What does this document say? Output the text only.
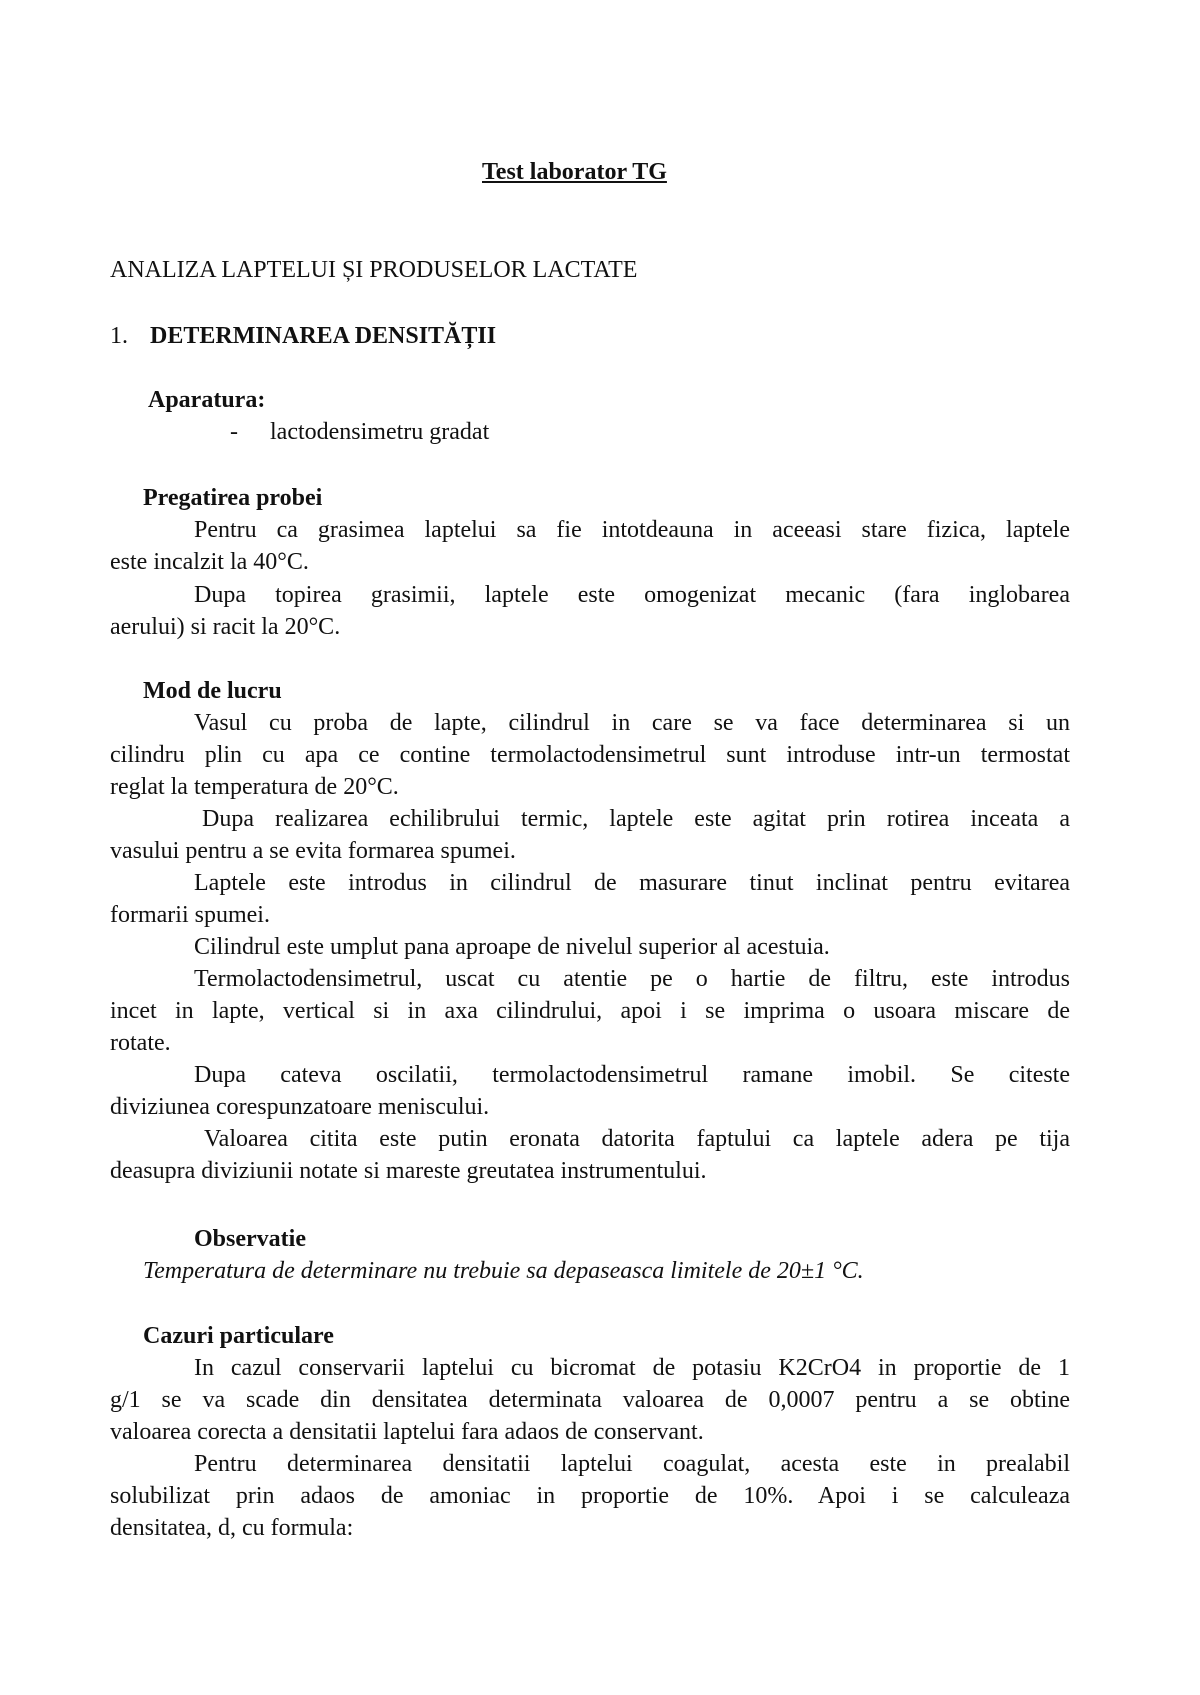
Test laborator TG
ANALIZA LAPTELUI ȘI PRODUSELOR LACTATE
1. DETERMINAREA DENSITĂȚII
Aparatura:
- lactodensimetru gradat
Pregatirea probei
Pentru ca grasimea laptelui sa fie intotdeauna in aceeasi stare fizica, laptele
este incalzit la 40°C.
Dupa topirea grasimii, laptele este omogenizat mecanic (fara inglobarea
aerului) si racit la 20°C.
Mod de lucru
Vasul cu proba de lapte, cilindrul in care se va face determinarea si un
cilindru plin cu apa ce contine termolactodensimetrul sunt introduse intr-un termostat
reglat la temperatura de 20°C.
Dupa realizarea echilibrului termic, laptele este agitat prin rotirea inceata a
vasului pentru a se evita formarea spumei.
Laptele este introdus in cilindrul de masurare tinut inclinat pentru evitarea
formarii spumei.
Cilindrul este umplut pana aproape de nivelul superior al acestuia.
Termolactodensimetrul, uscat cu atentie pe o hartie de filtru, este introdus
incet in lapte, vertical si in axa cilindrului, apoi i se imprima o usoara miscare de
rotate.
Dupa cateva oscilatii, termolactodensimetrul ramane imobil. Se citeste
diviziunea corespunzatoare meniscului.
Valoarea citita este putin eronata datorita faptului ca laptele adera pe tija
deasupra diviziunii notate si mareste greutatea instrumentului.
Observatie
Temperatura de determinare nu trebuie sa depaseasca limitele de 20±1 °C.
Cazuri particulare
In cazul conservarii laptelui cu bicromat de potasiu K2CrO4 in proportie de 1
g/1 se va scade din densitatea determinata valoarea de 0,0007 pentru a se obtine
valoarea corecta a densitatii laptelui fara adaos de conservant.
Pentru determinarea densitatii laptelui coagulat, acesta este in prealabil
solubilizat prin adaos de amoniac in proportie de 10%. Apoi i se calculeaza
densitatea, d, cu formula:
